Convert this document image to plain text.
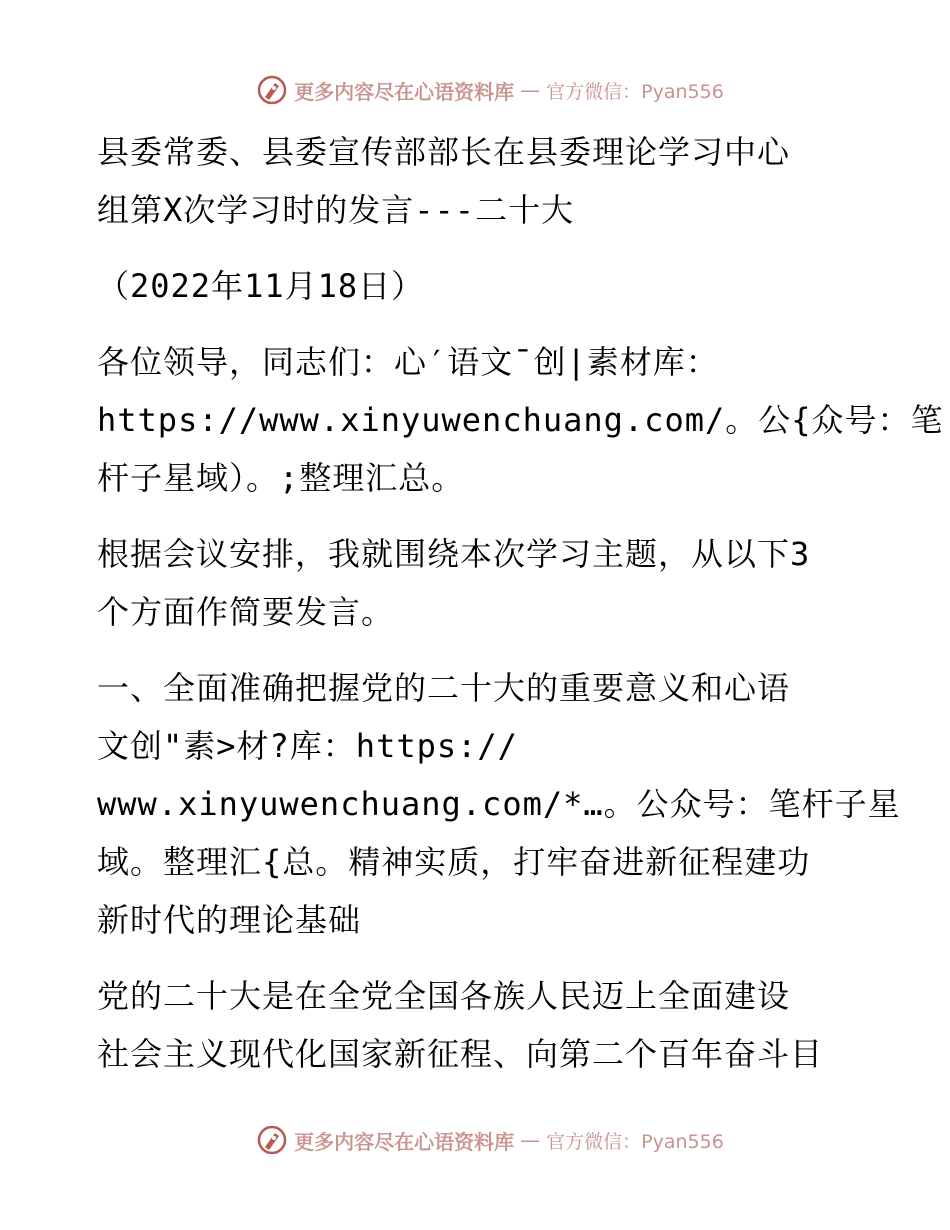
更多内容尽在心语资料库 — 官方微信：Pyan556
县委常委、县委宣传部部长在县委理论学习中心
组第X次学习时的发言---二十大
（2022年11月18日）
各位领导，同志们：心′语文¯创|素材库：
https://www.xinyuwenchuang.com/。公{众号：笔
杆子星域）。;整理汇总。
根据会议安排，我就围绕本次学习主题，从以下3
个方面作简要发言。
一、全面准确把握党的二十大的重要意义和心语
文创"素>材?库：https://
www.xinyuwenchuang.com/*…。公众号：笔杆子星
域。整理汇{总。精神实质，打牢奋进新征程建功
新时代的理论基础
党的二十大是在全党全国各族人民迈上全面建设
社会主义现代化国家新征程、向第二个百年奋斗目
更多内容尽在心语资料库 — 官方微信：Pyan556
